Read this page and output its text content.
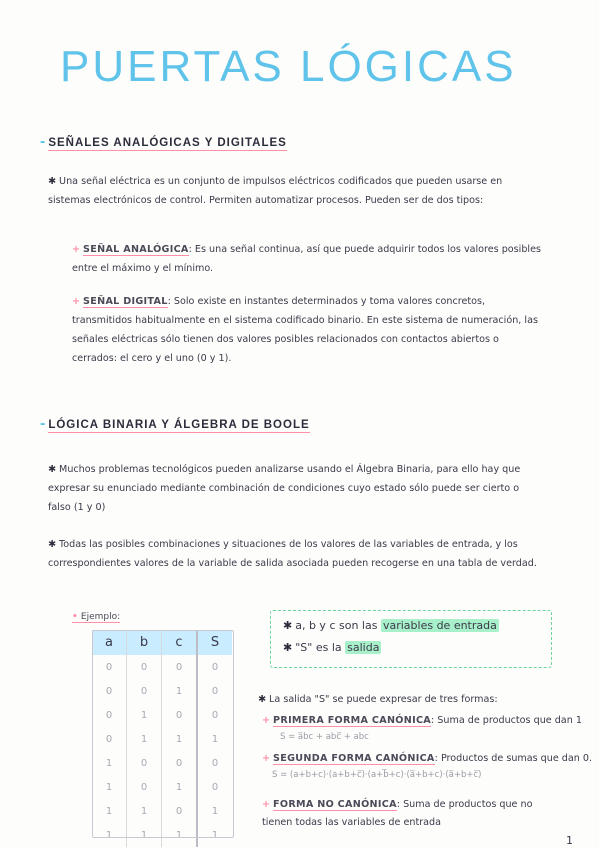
PUERTAS LÓGICAS
- SEÑALES ANALÓGICAS Y DIGITALES
✱ Una señal eléctrica es un conjunto de impulsos eléctricos codificados que pueden usarse en sistemas electrónicos de control. Permiten automatizar procesos. Pueden ser de dos tipos:
+ SEÑAL ANALÓGICA: Es una señal continua, así que puede adquirir todos los valores posibles entre el máximo y el mínimo.
+ SEÑAL DIGITAL: Solo existe en instantes determinados y toma valores concretos, transmitidos habitualmente en el sistema codificado binario. En este sistema de numeración, las señales eléctricas sólo tienen dos valores posibles relacionados con contactos abiertos o cerrados: el cero y el uno (0 y 1).
- LÓGICA BINARIA Y ÁLGEBRA DE BOOLE
✱ Muchos problemas tecnológicos pueden analizarse usando el Álgebra Binaria, para ello hay que expresar su enunciado mediante combinación de condiciones cuyo estado sólo puede ser cierto o falso (1 y 0)
✱ Todas las posibles combinaciones y situaciones de los valores de las variables de entrada, y los correspondientes valores de la variable de salida asociada pueden recogerse en una tabla de verdad.
• Ejemplo:
a	b	c	S
0	0	0	0
0	0	1	0
0	1	0	0
0	1	1	1
1	0	0	0
1	0	1	0
1	1	0	1
1	1	1	1
✱ a, b y c son las variables de entrada
✱ "S" es la salida
✱ La salida "S" se puede expresar de tres formas:
+ PRIMERA FORMA CANÓNICA: Suma de productos que dan 1
S = a̅bc + abc̅ + abc
+ SEGUNDA FORMA CANÓNICA: Productos de sumas que dan 0.
S = (a+b+c)·(a+b+c̅)·(a+b̅+c)·(a̅+b+c)·(a̅+b+c̅)
+ FORMA NO CANÓNICA: Suma de productos que no tienen todas las variables de entrada
1
